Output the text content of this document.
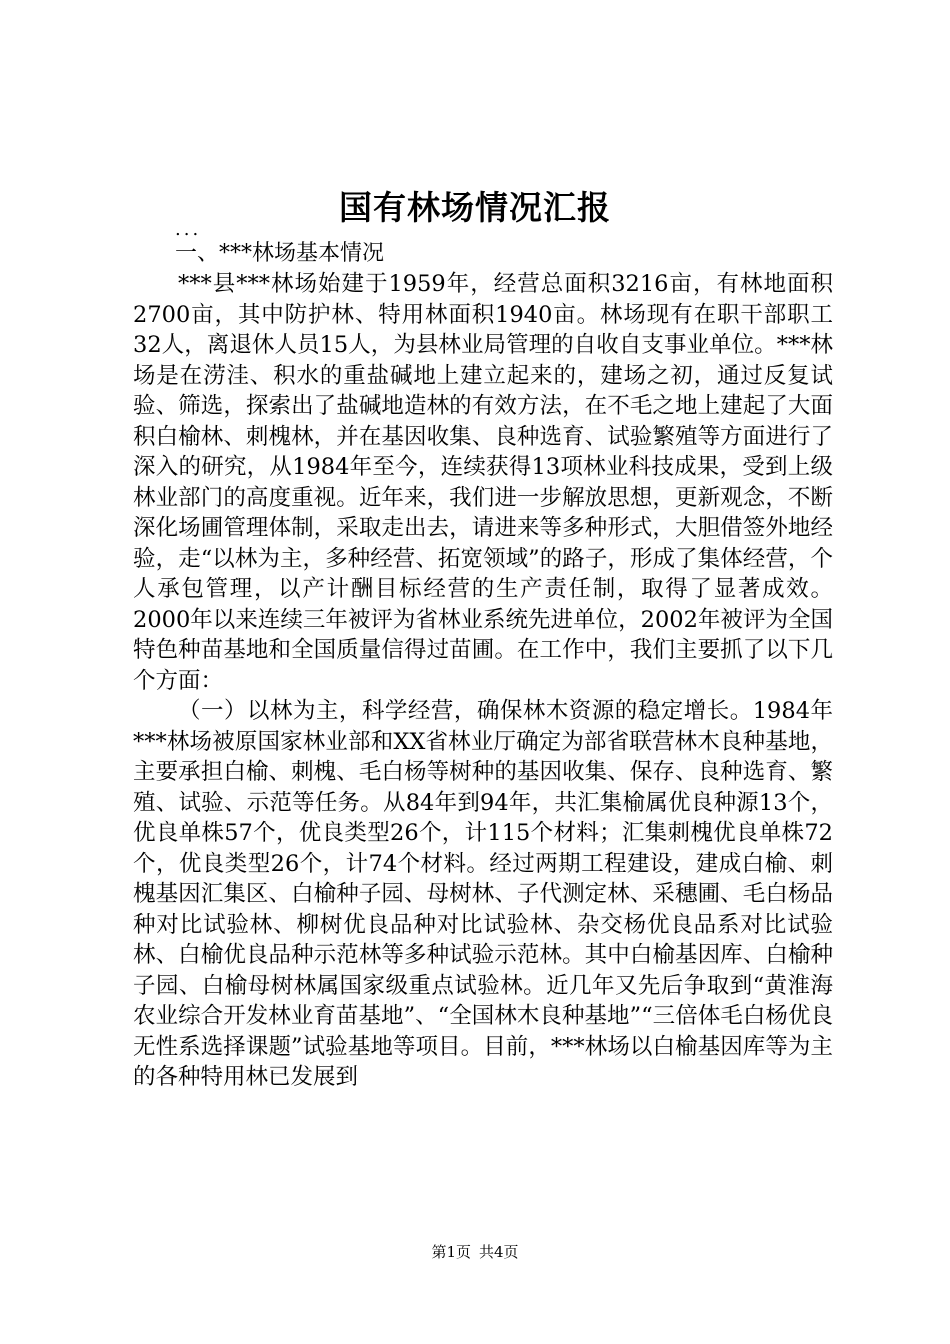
国有林场情况汇报
...
一、***林场基本情况

***县***林场始建于1959年，经营总面积3216亩，有林地面积2700亩，其中防护林、特用林面积1940亩。林场现有在职干部职工32人，离退休人员15人，为县林业局管理的自收自支事业单位。***林场是在涝洼、积水的重盐碱地上建立起来的，建场之初，通过反复试验、筛选，探索出了盐碱地造林的有效方法，在不毛之地上建起了大面积白榆林、刺槐林，并在基因收集、良种选育、试验繁殖等方面进行了深入的研究，从1984年至今，连续获得13项林业科技成果，受到上级林业部门的高度重视。近年来，我们进一步解放思想，更新观念，不断深化场圃管理体制，采取走出去，请进来等多种形式，大胆借签外地经验，走“以林为主，多种经营、拓宽领域”的路子，形成了集体经营，个人承包管理，以产计酬目标经营的生产责任制，取得了显著成效。2000年以来连续三年被评为省林业系统先进单位，2002年被评为全国特色种苗基地和全国质量信得过苗圃。在工作中，我们主要抓了以下几个方面：

（一）以林为主，科学经营，确保林木资源的稳定增长。1984年***林场被原国家林业部和XX省林业厅确定为部省联营林木良种基地，主要承担白榆、刺槐、毛白杨等树种的基因收集、保存、良种选育、繁殖、试验、示范等任务。从84年到94年，共汇集榆属优良种源13个，优良单株57个，优良类型26个，计115个材料；汇集刺槐优良单株72个，优良类型26个，计74个材料。经过两期工程建设，建成白榆、刺槐基因汇集区、白榆种子园、母树林、子代测定林、采穗圃、毛白杨品种对比试验林、柳树优良品种对比试验林、杂交杨优良品系对比试验林、白榆优良品种示范林等多种试验示范林。其中白榆基因库、白榆种子园、白榆母树林属国家级重点试验林。近几年又先后争取到“黄淮海农业综合开发林业育苗基地”、“全国林木良种基地”“三倍体毛白杨优良无性系选择课题”试验基地等项目。目前，***林场以白榆基因库等为主的各种特用林已发展到

第1页 共4页
